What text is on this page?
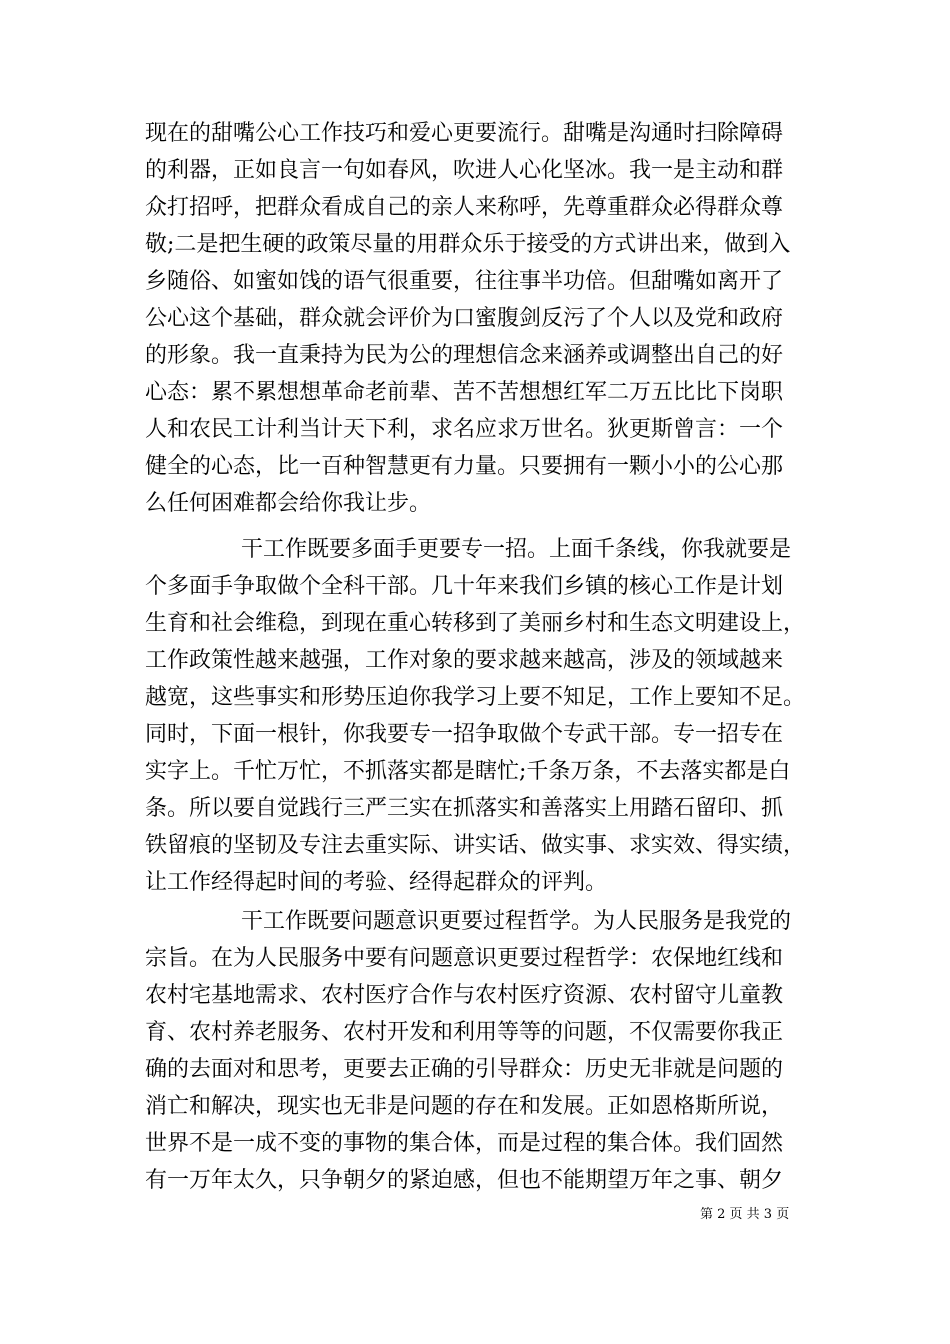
现在的甜嘴公心工作技巧和爱心更要流行。甜嘴是沟通时扫除障碍
的利器，正如良言一句如春风，吹进人心化坚冰。我一是主动和群
众打招呼，把群众看成自己的亲人来称呼，先尊重群众必得群众尊
敬;二是把生硬的政策尽量的用群众乐于接受的方式讲出来，做到入
乡随俗、如蜜如饯的语气很重要，往往事半功倍。但甜嘴如离开了
公心这个基础，群众就会评价为口蜜腹剑反污了个人以及党和政府
的形象。我一直秉持为民为公的理想信念来涵养或调整出自己的好
心态：累不累想想革命老前辈、苦不苦想想红军二万五比比下岗职
人和农民工计利当计天下利，求名应求万世名。狄更斯曾言：一个
健全的心态，比一百种智慧更有力量。只要拥有一颗小小的公心那
么任何困难都会给你我让步。
干工作既要多面手更要专一招。上面千条线，你我就要是
个多面手争取做个全科干部。几十年来我们乡镇的核心工作是计划
生育和社会维稳，到现在重心转移到了美丽乡村和生态文明建设上，
工作政策性越来越强，工作对象的要求越来越高，涉及的领域越来
越宽，这些事实和形势压迫你我学习上要不知足，工作上要知不足。
同时，下面一根针，你我要专一招争取做个专武干部。专一招专在
实字上。千忙万忙，不抓落实都是瞎忙;千条万条，不去落实都是白
条。所以要自觉践行三严三实在抓落实和善落实上用踏石留印、抓
铁留痕的坚韧及专注去重实际、讲实话、做实事、求实效、得实绩，
让工作经得起时间的考验、经得起群众的评判。
干工作既要问题意识更要过程哲学。为人民服务是我党的
宗旨。在为人民服务中要有问题意识更要过程哲学：农保地红线和
农村宅基地需求、农村医疗合作与农村医疗资源、农村留守儿童教
育、农村养老服务、农村开发和利用等等的问题，不仅需要你我正
确的去面对和思考，更要去正确的引导群众：历史无非就是问题的
消亡和解决，现实也无非是问题的存在和发展。正如恩格斯所说，
世界不是一成不变的事物的集合体，而是过程的集合体。我们固然
有一万年太久，只争朝夕的紧迫感，但也不能期望万年之事、朝夕
第 2 页 共 3 页
